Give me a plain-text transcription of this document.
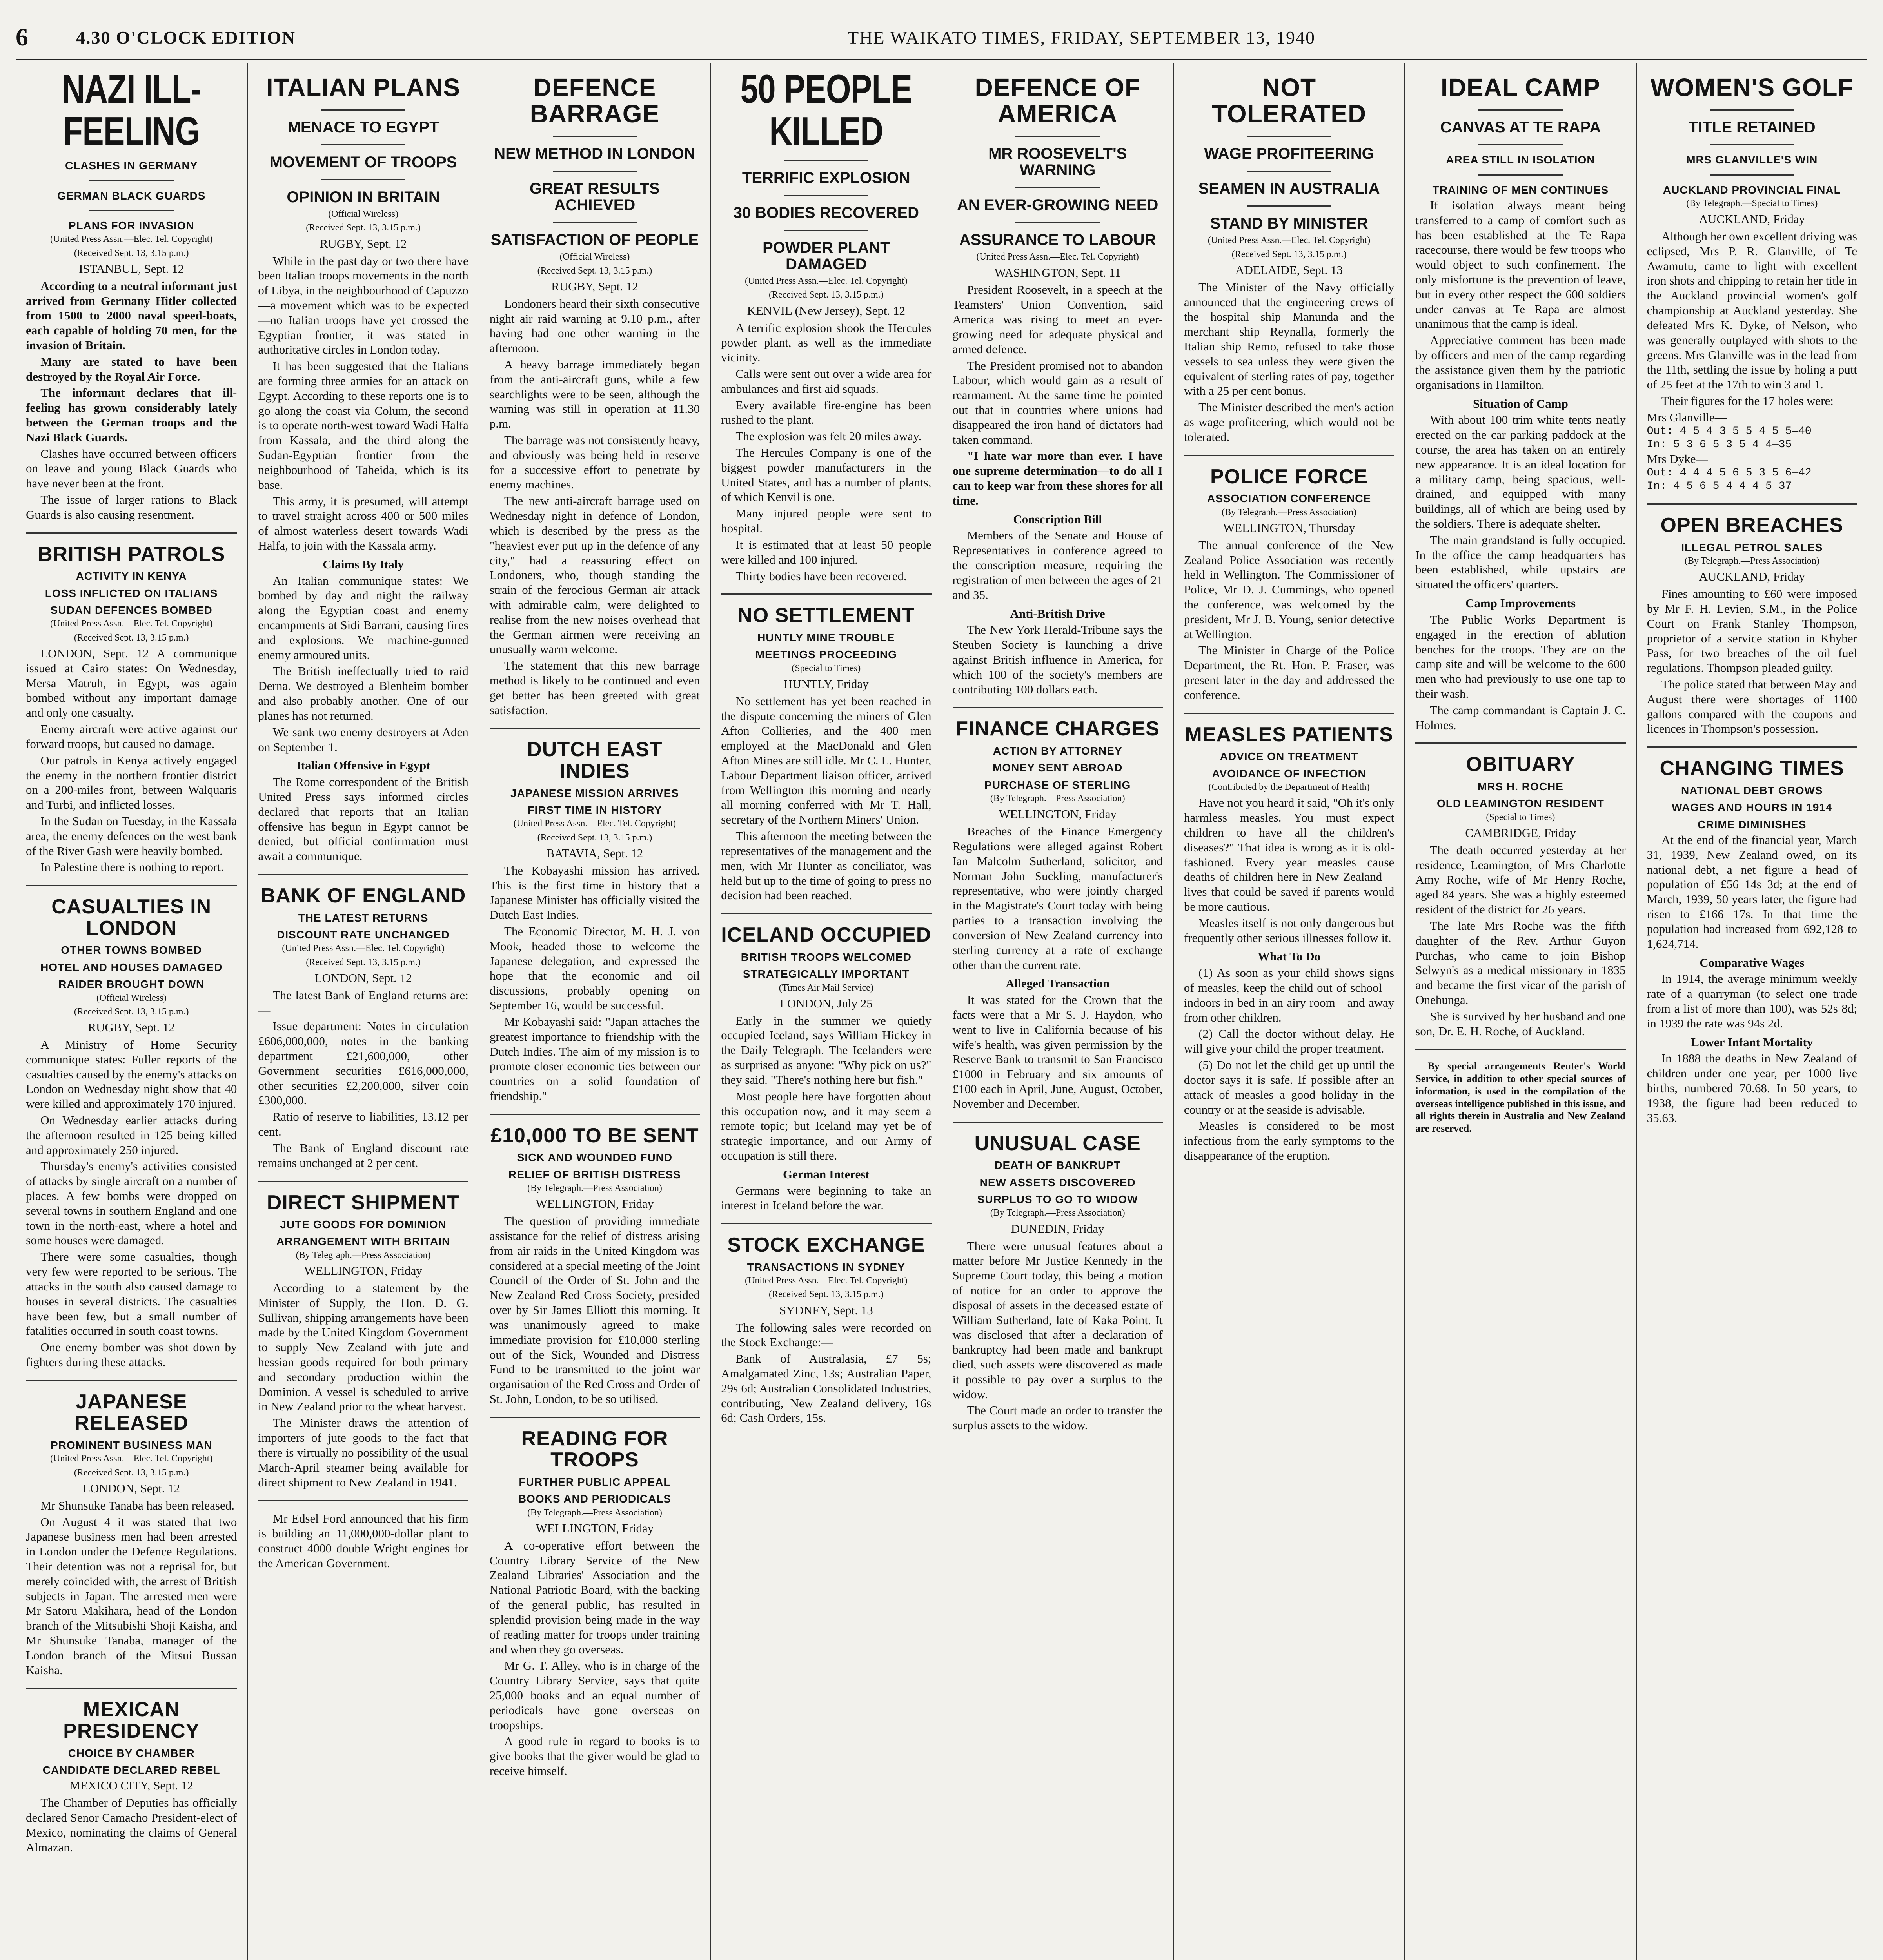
6	4.30 O'CLOCK EDITION	THE WAIKATO TIMES, FRIDAY, SEPTEMBER 13, 1940
NAZI ILL-FEELING
CLASHES IN GERMANY
GERMAN BLACK GUARDS
PLANS FOR INVASION
(United Press Assn.—Elec. Tel. Copyright)
(Received Sept. 13, 3.15 p.m.)
ISTANBUL, Sept. 12

According to a neutral informant just arrived from Germany Hitler collected from 1500 to 2000 naval speed-boats, each capable of holding 70 men, for the invasion of Britain.

Many are stated to have been destroyed by the Royal Air Force.

The informant declares that ill-feeling has grown considerably lately between the German troops and the Nazi Black Guards.

Clashes have occurred between officers on leave and young Black Guards who have never been at the front.

The issue of larger rations to Black Guards is also causing resentment.

BRITISH PATROLS
ACTIVITY IN KENYA
LOSS INFLICTED ON ITALIANS
SUDAN DEFENCES BOMBED
(United Press Assn.—Elec. Tel. Copyright)
(Received Sept. 13, 3.15 p.m.)

LONDON, Sept. 12 A communique issued at Cairo states: On Wednesday, Mersa Matruh, in Egypt, was again bombed without any important damage and only one casualty.

Enemy aircraft were active against our forward troops, but caused no damage.

Our patrols in Kenya actively engaged the enemy in the northern frontier district on a 200-miles front, between Walquaris and Turbi, and inflicted losses.

In the Sudan on Tuesday, in the Kassala area, the enemy defences on the west bank of the River Gash were heavily bombed.

In Palestine there is nothing to report.

CASUALTIES IN LONDON
OTHER TOWNS BOMBED
HOTEL AND HOUSES DAMAGED
RAIDER BROUGHT DOWN
(Official Wireless)
(Received Sept. 13, 3.15 p.m.)
RUGBY, Sept. 12

A Ministry of Home Security communique states: Fuller reports of the casualties caused by the enemy's attacks on London on Wednesday night show that 40 were killed and approximately 170 injured.

On Wednesday earlier attacks during the afternoon resulted in 125 being killed and approximately 250 injured.

Thursday's enemy's activities consisted of attacks by single aircraft on a number of places. A few bombs were dropped on several towns in southern England and one town in the north-east, where a hotel and some houses were damaged.

There were some casualties, though very few were reported to be serious. The attacks in the south also caused damage to houses in several districts. The casualties have been few, but a small number of fatalities occurred in south coast towns.

One enemy bomber was shot down by fighters during these attacks.

JAPANESE RELEASED
PROMINENT BUSINESS MAN
(United Press Assn.—Elec. Tel. Copyright)
(Received Sept. 13, 3.15 p.m.)
LONDON, Sept. 12

Mr Shunsuke Tanaba has been released.

On August 4 it was stated that two Japanese business men had been arrested in London under the Defence Regulations. Their detention was not a reprisal for, but merely coincided with, the arrest of British subjects in Japan. The arrested men were Mr Satoru Makihara, head of the London branch of the Mitsubishi Shoji Kaisha, and Mr Shunsuke Tanaba, manager of the London branch of the Mitsui Bussan Kaisha.

MEXICAN PRESIDENCY
CHOICE BY CHAMBER
CANDIDATE DECLARED REBEL
MEXICO CITY, Sept. 12

The Chamber of Deputies has officially declared Senor Camacho President-elect of Mexico, nominating the claims of General Almazan.

ITALIAN PLANS
MENACE TO EGYPT
MOVEMENT OF TROOPS
OPINION IN BRITAIN
(Official Wireless)
(Received Sept. 13, 3.15 p.m.)
RUGBY, Sept. 12

While in the past day or two there have been Italian troops movements in the north of Libya, in the neighbourhood of Capuzzo—a movement which was to be expected—no Italian troops have yet crossed the Egyptian frontier, it was stated in authoritative circles in London today.

It has been suggested that the Italians are forming three armies for an attack on Egypt. According to these reports one is to go along the coast via Colum, the second is to operate north-west toward Wadi Halfa from Kassala, and the third along the Sudan-Egyptian frontier from the neighbourhood of Taheida, which is its base.

This army, it is presumed, will attempt to travel straight across 400 or 500 miles of almost waterless desert towards Wadi Halfa, to join with the Kassala army.

Claims By Italy

An Italian communique states: We bombed by day and night the railway along the Egyptian coast and enemy encampments at Sidi Barrani, causing fires and explosions. We machine-gunned enemy armoured units.

The British ineffectually tried to raid Derna. We destroyed a Blenheim bomber and also probably another. One of our planes has not returned.

We sank two enemy destroyers at Aden on September 1.

Italian Offensive in Egypt

The Rome correspondent of the British United Press says informed circles declared that reports that an Italian offensive has begun in Egypt cannot be denied, but official confirmation must await a communique.

BANK OF ENGLAND
THE LATEST RETURNS
DISCOUNT RATE UNCHANGED
(United Press Assn.—Elec. Tel. Copyright)
(Received Sept. 13, 3.15 p.m.)
LONDON, Sept. 12

The latest Bank of England returns are:—

Issue department: Notes in circulation £606,000,000, notes in the banking department £21,600,000, other Government securities £616,000,000, other securities £2,200,000, silver coin £300,000.

Ratio of reserve to liabilities, 13.12 per cent.

The Bank of England discount rate remains unchanged at 2 per cent.

DIRECT SHIPMENT
JUTE GOODS FOR DOMINION
ARRANGEMENT WITH BRITAIN
(By Telegraph.—Press Association)
WELLINGTON, Friday

According to a statement by the Minister of Supply, the Hon. D. G. Sullivan, shipping arrangements have been made by the United Kingdom Government to supply New Zealand with jute and hessian goods required for both primary and secondary production within the Dominion. A vessel is scheduled to arrive in New Zealand prior to the wheat harvest.

The Minister draws the attention of importers of jute goods to the fact that there is virtually no possibility of the usual March-April steamer being available for direct shipment to New Zealand in 1941.

Mr Edsel Ford announced that his firm is building an 11,000,000-dollar plant to construct 4000 double Wright engines for the American Government.

DEFENCE BARRAGE
NEW METHOD IN LONDON
GREAT RESULTS ACHIEVED
SATISFACTION OF PEOPLE
(Official Wireless)
(Received Sept. 13, 3.15 p.m.)
RUGBY, Sept. 12

Londoners heard their sixth consecutive night air raid warning at 9.10 p.m., after having had one other warning in the afternoon.

A heavy barrage immediately began from the anti-aircraft guns, while a few searchlights were to be seen, although the warning was still in operation at 11.30 p.m.

The barrage was not consistently heavy, and obviously was being held in reserve for a successive effort to penetrate by enemy machines.

The new anti-aircraft barrage used on Wednesday night in defence of London, which is described by the press as the "heaviest ever put up in the defence of any city," had a reassuring effect on Londoners, who, though standing the strain of the ferocious German air attack with admirable calm, were delighted to realise from the new noises overhead that the German airmen were receiving an unusually warm welcome.

The statement that this new barrage method is likely to be continued and even get better has been greeted with great satisfaction.

DUTCH EAST INDIES
JAPANESE MISSION ARRIVES
FIRST TIME IN HISTORY
(United Press Assn.—Elec. Tel. Copyright)
(Received Sept. 13, 3.15 p.m.)
BATAVIA, Sept. 12

The Kobayashi mission has arrived. This is the first time in history that a Japanese Minister has officially visited the Dutch East Indies.

The Economic Director, M. H. J. von Mook, headed those to welcome the Japanese delegation, and expressed the hope that the economic and oil discussions, probably opening on September 16, would be successful.

Mr Kobayashi said: "Japan attaches the greatest importance to friendship with the Dutch Indies. The aim of my mission is to promote closer economic ties between our countries on a solid foundation of friendship."

£10,000 TO BE SENT
SICK AND WOUNDED FUND
RELIEF OF BRITISH DISTRESS
(By Telegraph.—Press Association)
WELLINGTON, Friday

The question of providing immediate assistance for the relief of distress arising from air raids in the United Kingdom was considered at a special meeting of the Joint Council of the Order of St. John and the New Zealand Red Cross Society, presided over by Sir James Elliott this morning. It was unanimously agreed to make immediate provision for £10,000 sterling out of the Sick, Wounded and Distress Fund to be transmitted to the joint war organisation of the Red Cross and Order of St. John, London, to be so utilised.

READING FOR TROOPS
FURTHER PUBLIC APPEAL
BOOKS AND PERIODICALS
(By Telegraph.—Press Association)
WELLINGTON, Friday

A co-operative effort between the Country Library Service of the New Zealand Libraries' Association and the National Patriotic Board, with the backing of the general public, has resulted in splendid provision being made in the way of reading matter for troops under training and when they go overseas.

Mr G. T. Alley, who is in charge of the Country Library Service, says that quite 25,000 books and an equal number of periodicals have gone overseas on troopships.

A good rule in regard to books is to give books that the giver would be glad to receive himself.

50 PEOPLE KILLED
TERRIFIC EXPLOSION
30 BODIES RECOVERED
POWDER PLANT DAMAGED
(United Press Assn.—Elec. Tel. Copyright)
(Received Sept. 13, 3.15 p.m.)
KENVIL (New Jersey), Sept. 12

A terrific explosion shook the Hercules powder plant, as well as the immediate vicinity.

Calls were sent out over a wide area for ambulances and first aid squads.

Every available fire-engine has been rushed to the plant.

The explosion was felt 20 miles away.

The Hercules Company is one of the biggest powder manufacturers in the United States, and has a number of plants, of which Kenvil is one.

Many injured people were sent to hospital.

It is estimated that at least 50 people were killed and 100 injured.

Thirty bodies have been recovered.

NO SETTLEMENT
HUNTLY MINE TROUBLE
MEETINGS PROCEEDING
(Special to Times)
HUNTLY, Friday

No settlement has yet been reached in the dispute concerning the miners of Glen Afton Collieries, and the 400 men employed at the MacDonald and Glen Afton Mines are still idle. Mr C. L. Hunter, Labour Department liaison officer, arrived from Wellington this morning and nearly all morning conferred with Mr T. Hall, secretary of the Northern Miners' Union.

This afternoon the meeting between the representatives of the management and the men, with Mr Hunter as conciliator, was held but up to the time of going to press no decision had been reached.

ICELAND OCCUPIED
BRITISH TROOPS WELCOMED
STRATEGICALLY IMPORTANT
(Times Air Mail Service)
LONDON, July 25

Early in the summer we quietly occupied Iceland, says William Hickey in the Daily Telegraph. The Icelanders were as surprised as anyone: "Why pick on us?" they said. "There's nothing here but fish."

Most people here have forgotten about this occupation now, and it may seem a remote topic; but Iceland may yet be of strategic importance, and our Army of occupation is still there.

German Interest

Germans were beginning to take an interest in Iceland before the war.

STOCK EXCHANGE
TRANSACTIONS IN SYDNEY
(United Press Assn.—Elec. Tel. Copyright)
(Received Sept. 13, 3.15 p.m.)
SYDNEY, Sept. 13

The following sales were recorded on the Stock Exchange:—

Bank of Australasia, £7 5s; Amalgamated Zinc, 13s; Australian Paper, 29s 6d; Australian Consolidated Industries, contributing, New Zealand delivery, 16s 6d; Cash Orders, 15s.

DEFENCE OF AMERICA
MR ROOSEVELT'S WARNING
AN EVER-GROWING NEED
ASSURANCE TO LABOUR
(United Press Assn.—Elec. Tel. Copyright)
WASHINGTON, Sept. 11

President Roosevelt, in a speech at the Teamsters' Union Convention, said America was rising to meet an ever-growing need for adequate physical and armed defence.

The President promised not to abandon Labour, which would gain as a result of rearmament. At the same time he pointed out that in countries where unions had disappeared the iron hand of dictators had taken command.

"I hate war more than ever. I have one supreme determination—to do all I can to keep war from these shores for all time.

Conscription Bill

Members of the Senate and House of Representatives in conference agreed to the conscription measure, requiring the registration of men between the ages of 21 and 35.

Anti-British Drive

The New York Herald-Tribune says the Steuben Society is launching a drive against British influence in America, for which 100 of the society's members are contributing 100 dollars each.

FINANCE CHARGES
ACTION BY ATTORNEY
MONEY SENT ABROAD
PURCHASE OF STERLING
(By Telegraph.—Press Association)
WELLINGTON, Friday

Breaches of the Finance Emergency Regulations were alleged against Robert Ian Malcolm Sutherland, solicitor, and Norman John Suckling, manufacturer's representative, who were jointly charged in the Magistrate's Court today with being parties to a transaction involving the conversion of New Zealand currency into sterling currency at a rate of exchange other than the current rate.

Alleged Transaction

It was stated for the Crown that the facts were that a Mr S. J. Haydon, who went to live in California because of his wife's health, was given permission by the Reserve Bank to transmit to San Francisco £1000 in February and six amounts of £100 each in April, June, August, October, November and December.

UNUSUAL CASE
DEATH OF BANKRUPT
NEW ASSETS DISCOVERED
SURPLUS TO GO TO WIDOW
(By Telegraph.—Press Association)
DUNEDIN, Friday

There were unusual features about a matter before Mr Justice Kennedy in the Supreme Court today, this being a motion of notice for an order to approve the disposal of assets in the deceased estate of William Sutherland, late of Kaka Point. It was disclosed that after a declaration of bankruptcy had been made and bankrupt died, such assets were discovered as made it possible to pay over a surplus to the widow.

The Court made an order to transfer the surplus assets to the widow.

NOT TOLERATED
WAGE PROFITEERING
SEAMEN IN AUSTRALIA
STAND BY MINISTER
(United Press Assn.—Elec. Tel. Copyright)
(Received Sept. 13, 3.15 p.m.)
ADELAIDE, Sept. 13

The Minister of the Navy officially announced that the engineering crews of the hospital ship Manunda and the merchant ship Reynalla, formerly the Italian ship Remo, refused to take those vessels to sea unless they were given the equivalent of sterling rates of pay, together with a 25 per cent bonus.

The Minister described the men's action as wage profiteering, which would not be tolerated.

POLICE FORCE
ASSOCIATION CONFERENCE
(By Telegraph.—Press Association)
WELLINGTON, Thursday

The annual conference of the New Zealand Police Association was recently held in Wellington. The Commissioner of Police, Mr D. J. Cummings, who opened the conference, was welcomed by the president, Mr J. B. Young, senior detective at Wellington.

The Minister in Charge of the Police Department, the Rt. Hon. P. Fraser, was present later in the day and addressed the conference.

MEASLES PATIENTS
ADVICE ON TREATMENT
AVOIDANCE OF INFECTION
(Contributed by the Department of Health)

Have not you heard it said, "Oh it's only harmless measles. You must expect children to have all the children's diseases?" That idea is wrong as it is old-fashioned. Every year measles cause deaths of children here in New Zealand—lives that could be saved if parents would be more cautious.

Measles itself is not only dangerous but frequently other serious illnesses follow it.

What To Do

(1) As soon as your child shows signs of measles, keep the child out of school—indoors in bed in an airy room—and away from other children.

(2) Call the doctor without delay. He will give your child the proper treatment.

(5) Do not let the child get up until the doctor says it is safe. If possible after an attack of measles a good holiday in the country or at the seaside is advisable.

Measles is considered to be most infectious from the early symptoms to the disappearance of the eruption.

IDEAL CAMP
CANVAS AT TE RAPA
AREA STILL IN ISOLATION
TRAINING OF MEN CONTINUES

If isolation always meant being transferred to a camp of comfort such as has been established at the Te Rapa racecourse, there would be few troops who would object to such confinement. The only misfortune is the prevention of leave, but in every other respect the 600 soldiers under canvas at Te Rapa are almost unanimous that the camp is ideal.

Appreciative comment has been made by officers and men of the camp regarding the assistance given them by the patriotic organisations in Hamilton.

Situation of Camp

With about 100 trim white tents neatly erected on the car parking paddock at the course, the area has taken on an entirely new appearance. It is an ideal location for a military camp, being spacious, well-drained, and equipped with many buildings, all of which are being used by the soldiers. There is adequate shelter.

The main grandstand is fully occupied. In the office the camp headquarters has been established, while upstairs are situated the officers' quarters.

Camp Improvements

The Public Works Department is engaged in the erection of ablution benches for the troops. They are on the camp site and will be welcome to the 600 men who had previously to use one tap to their wash.

The camp commandant is Captain J. C. Holmes.

OBITUARY
MRS H. ROCHE
OLD LEAMINGTON RESIDENT
(Special to Times)
CAMBRIDGE, Friday

The death occurred yesterday at her residence, Leamington, of Mrs Charlotte Amy Roche, wife of Mr Henry Roche, aged 84 years. She was a highly esteemed resident of the district for 26 years.

The late Mrs Roche was the fifth daughter of the Rev. Arthur Guyon Purchas, who came to join Bishop Selwyn's as a medical missionary in 1835 and became the first vicar of the parish of Onehunga.

She is survived by her husband and one son, Dr. E. H. Roche, of Auckland.

By special arrangements Reuter's World Service, in addition to other special sources of information, is used in the compilation of the overseas intelligence published in this issue, and all rights therein in Australia and New Zealand are reserved.

WOMEN'S GOLF
TITLE RETAINED
MRS GLANVILLE'S WIN
AUCKLAND PROVINCIAL FINAL
(By Telegraph.—Special to Times)
AUCKLAND, Friday

Although her own excellent driving was eclipsed, Mrs P. R. Glanville, of Te Awamutu, came to light with excellent iron shots and chipping to retain her title in the Auckland provincial women's golf championship at Auckland yesterday. She defeated Mrs K. Dyke, of Nelson, who was generally outplayed with shots to the greens. Mrs Glanville was in the lead from the 11th, settling the issue by holing a putt of 25 feet at the 17th to win 3 and 1.

Their figures for the 17 holes were:

Mrs Glanville—
Out: 4 5 4 3 5 5 4 5 5—40
In: 5 3 6 5 3 5 4 4—35
Mrs Dyke—
Out: 4 4 4 5 6 5 3 5 6—42
In: 4 5 6 5 4 4 4 5—37
OPEN BREACHES
ILLEGAL PETROL SALES
(By Telegraph.—Press Association)
AUCKLAND, Friday

Fines amounting to £60 were imposed by Mr F. H. Levien, S.M., in the Police Court on Frank Stanley Thompson, proprietor of a service station in Khyber Pass, for two breaches of the oil fuel regulations. Thompson pleaded guilty.

The police stated that between May and August there were shortages of 1100 gallons compared with the coupons and licences in Thompson's possession.

CHANGING TIMES
NATIONAL DEBT GROWS
WAGES AND HOURS IN 1914
CRIME DIMINISHES

At the end of the financial year, March 31, 1939, New Zealand owed, on its national debt, a net figure a head of population of £56 14s 3d; at the end of March, 1939, 50 years later, the figure had risen to £166 17s. In that time the population had increased from 692,128 to 1,624,714.

Comparative Wages

In 1914, the average minimum weekly rate of a quarryman (to select one trade from a list of more than 100), was 52s 8d; in 1939 the rate was 94s 2d.

Lower Infant Mortality

In 1888 the deaths in New Zealand of children under one year, per 1000 live births, numbered 70.68. In 50 years, to 1938, the figure had been reduced to 35.63.
